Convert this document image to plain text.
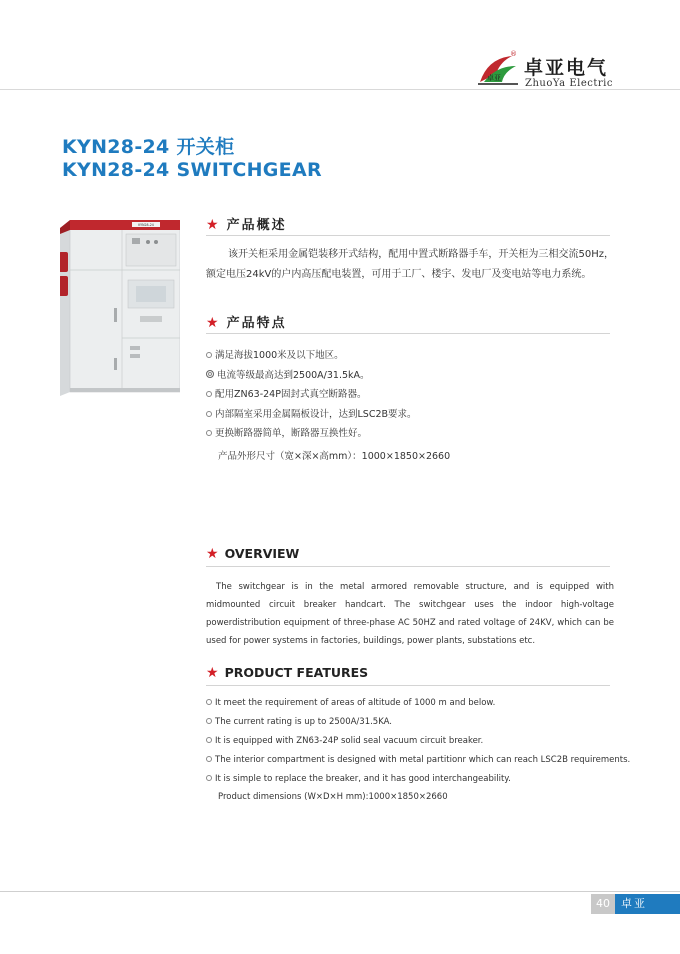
卓亚
®
卓亚电气
ZhuoYa Electric
KYN28-24 开关柜
KYN28-24 SWITCHGEAR
KYN28-24	★ 产品概述
该开关柜采用金属铠装移开式结构，配用中置式断路器手车，开关柜为三相交流50Hz，额定电压24kV的户内高压配电装置，可用于工厂、楼宇、发电厂及变电站等电力系统。
★ 产品特点
满足海拔1000米及以下地区。
电流等级最高达到2500A/31.5kA。
配用ZN63-24P固封式真空断路器。
内部隔室采用金属隔板设计，达到LSC2B要求。
更换断路器简单，断路器互换性好。
产品外形尺寸（宽×深×高mm）：1000×1850×2660
★ OVERVIEW
The switchgear is in the metal armored removable structure, and is equipped with midmounted circuit breaker handcart. The switchgear uses the indoor high-voltage powerdistribution equipment of three-phase AC 50HZ and rated voltage of 24KV, which can be used for power systems in factories, buildings, power plants, substations etc.
★ PRODUCT FEATURES
It meet the requirement of areas of altitude of 1000 m and below.
The current rating is up to 2500A/31.5KA.
It is equipped with ZN63-24P solid seal vacuum circuit breaker.
The interior compartment is designed with metal partitionr which can reach LSC2B requirements.
It is simple to replace the breaker, and it has good interchangeability.
Product dimensions (W×D×H mm):1000×1850×2660
40	卓亚
